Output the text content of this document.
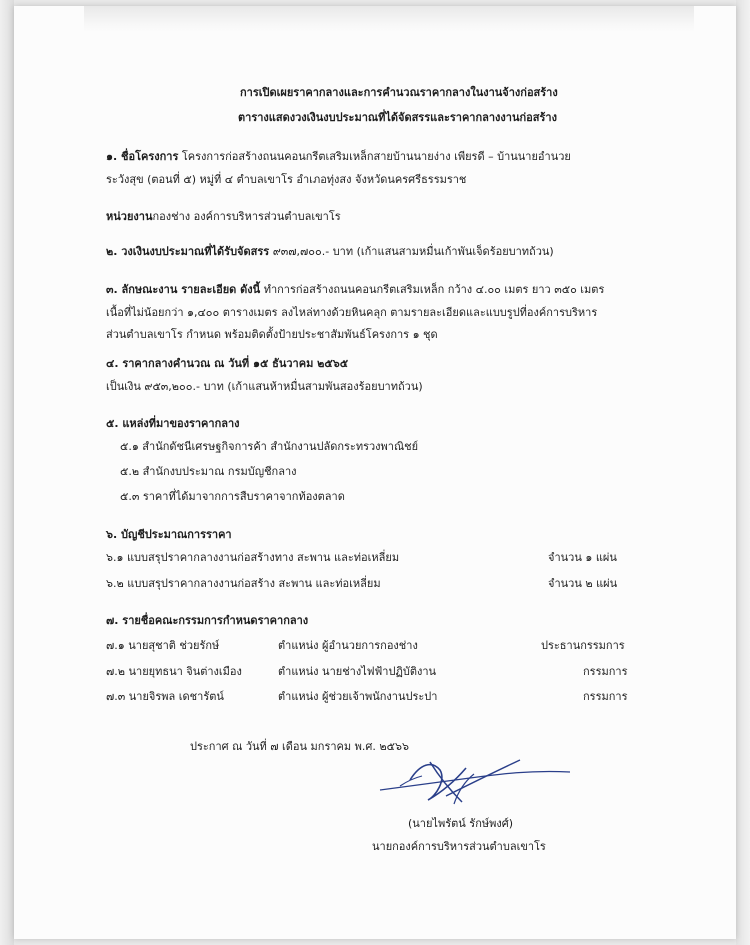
การเปิดเผยราคากลางและการคำนวณราคากลางในงานจ้างก่อสร้าง
ตารางแสดงวงเงินงบประมาณที่ได้จัดสรรและราคากลางงานก่อสร้าง
๑. ชื่อโครงการ โครงการก่อสร้างถนนคอนกรีตเสริมเหล็กสายบ้านนายง่าง เพียรดี – บ้านนายอำนวย
ระวังสุข (ตอนที่ ๕) หมู่ที่ ๔ ตำบลเขาโร อำเภอทุ่งสง จังหวัดนครศรีธรรมราช
หน่วยงานกองช่าง องค์การบริหารส่วนตำบลเขาโร
๒. วงเงินงบประมาณที่ได้รับจัดสรร ๙๓๗,๗๐๐.- บาท (เก้าแสนสามหมื่นเก้าพันเจ็ดร้อยบาทถ้วน)
๓. ลักษณะงาน รายละเอียด ดังนี้ ทำการก่อสร้างถนนคอนกรีตเสริมเหล็ก กว้าง ๔.๐๐ เมตร ยาว ๓๕๐ เมตร
เนื้อที่ไม่น้อยกว่า ๑,๔๐๐ ตารางเมตร ลงไหล่ทางด้วยหินคลุก ตามรายละเอียดและแบบรูปที่องค์การบริหาร
ส่วนตำบลเขาโร กำหนด พร้อมติดตั้งป้ายประชาสัมพันธ์โครงการ ๑ ชุด
๔. ราคากลางคำนวณ ณ วันที่ ๑๕ ธันวาคม ๒๕๖๕
เป็นเงิน ๙๕๓,๒๐๐.- บาท (เก้าแสนห้าหมื่นสามพันสองร้อยบาทถ้วน)
๕. แหล่งที่มาของราคากลาง
๕.๑ สำนักดัชนีเศรษฐกิจการค้า สำนักงานปลัดกระทรวงพาณิชย์
๕.๒ สำนักงบประมาณ กรมบัญชีกลาง
๕.๓ ราคาที่ได้มาจากการสืบราคาจากท้องตลาด
๖. บัญชีประมาณการราคา
๖.๑ แบบสรุปราคากลางงานก่อสร้างทาง สะพาน และท่อเหลี่ยม	จำนวน ๑ แผ่น
๖.๒ แบบสรุปราคากลางงานก่อสร้าง สะพาน และท่อเหลี่ยม	จำนวน ๒ แผ่น
๗. รายชื่อคณะกรรมการกำหนดราคากลาง
๗.๑ นายสุชาติ ช่วยรักษ์	ตำแหน่ง ผู้อำนวยการกองช่าง	ประธานกรรมการ
๗.๒ นายยุทธนา จินต่างเมือง	ตำแหน่ง นายช่างไฟฟ้าปฏิบัติงาน	กรรมการ
๗.๓ นายจิรพล เดชารัตน์	ตำแหน่ง ผู้ช่วยเจ้าพนักงานประปา	กรรมการ
ประกาศ ณ วันที่ ๗ เดือน มกราคม พ.ศ. ๒๕๖๖
(นายไพรัตน์ รักษ์พงศ์)
นายกองค์การบริหารส่วนตำบลเขาโร
